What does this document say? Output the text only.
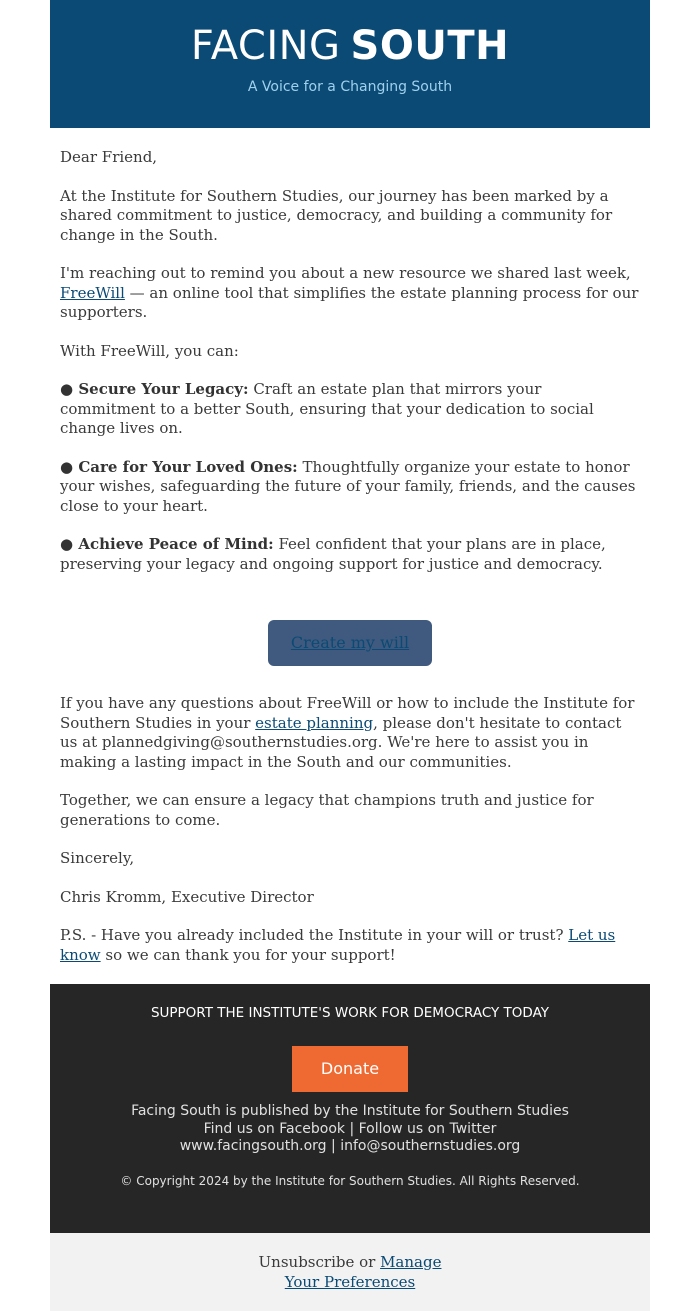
FACING SOUTH
A Voice for a Changing South

Dear Friend,

At the Institute for Southern Studies, our journey has been marked by a shared commitment to justice, democracy, and building a community for change in the South.

I'm reaching out to remind you about a new resource we shared last week, FreeWill — an online tool that simplifies the estate planning process for our supporters.

With FreeWill, you can:

● Secure Your Legacy: Craft an estate plan that mirrors your commitment to a better South, ensuring that your dedication to social change lives on.

● Care for Your Loved Ones: Thoughtfully organize your estate to honor your wishes, safeguarding the future of your family, friends, and the causes close to your heart.

● Achieve Peace of Mind: Feel confident that your plans are in place, preserving your legacy and ongoing support for justice and democracy.

Create my will

If you have any questions about FreeWill or how to include the Institute for Southern Studies in your estate planning, please don't hesitate to contact us at plannedgiving@southernstudies.org. We're here to assist you in making a lasting impact in the South and our communities.

Together, we can ensure a legacy that champions truth and justice for generations to come.

Sincerely,

Chris Kromm, Executive Director

P.S. - Have you already included the Institute in your will or trust? Let us know so we can thank you for your support!

SUPPORT THE INSTITUTE'S WORK FOR DEMOCRACY TODAY
Donate
Facing South is published by the Institute for Southern Studies
Find us on Facebook | Follow us on Twitter
www.facingsouth.org | info@southernstudies.org
© Copyright 2024 by the Institute for Southern Studies. All Rights Reserved.
Unsubscribe or Manage
Your Preferences
